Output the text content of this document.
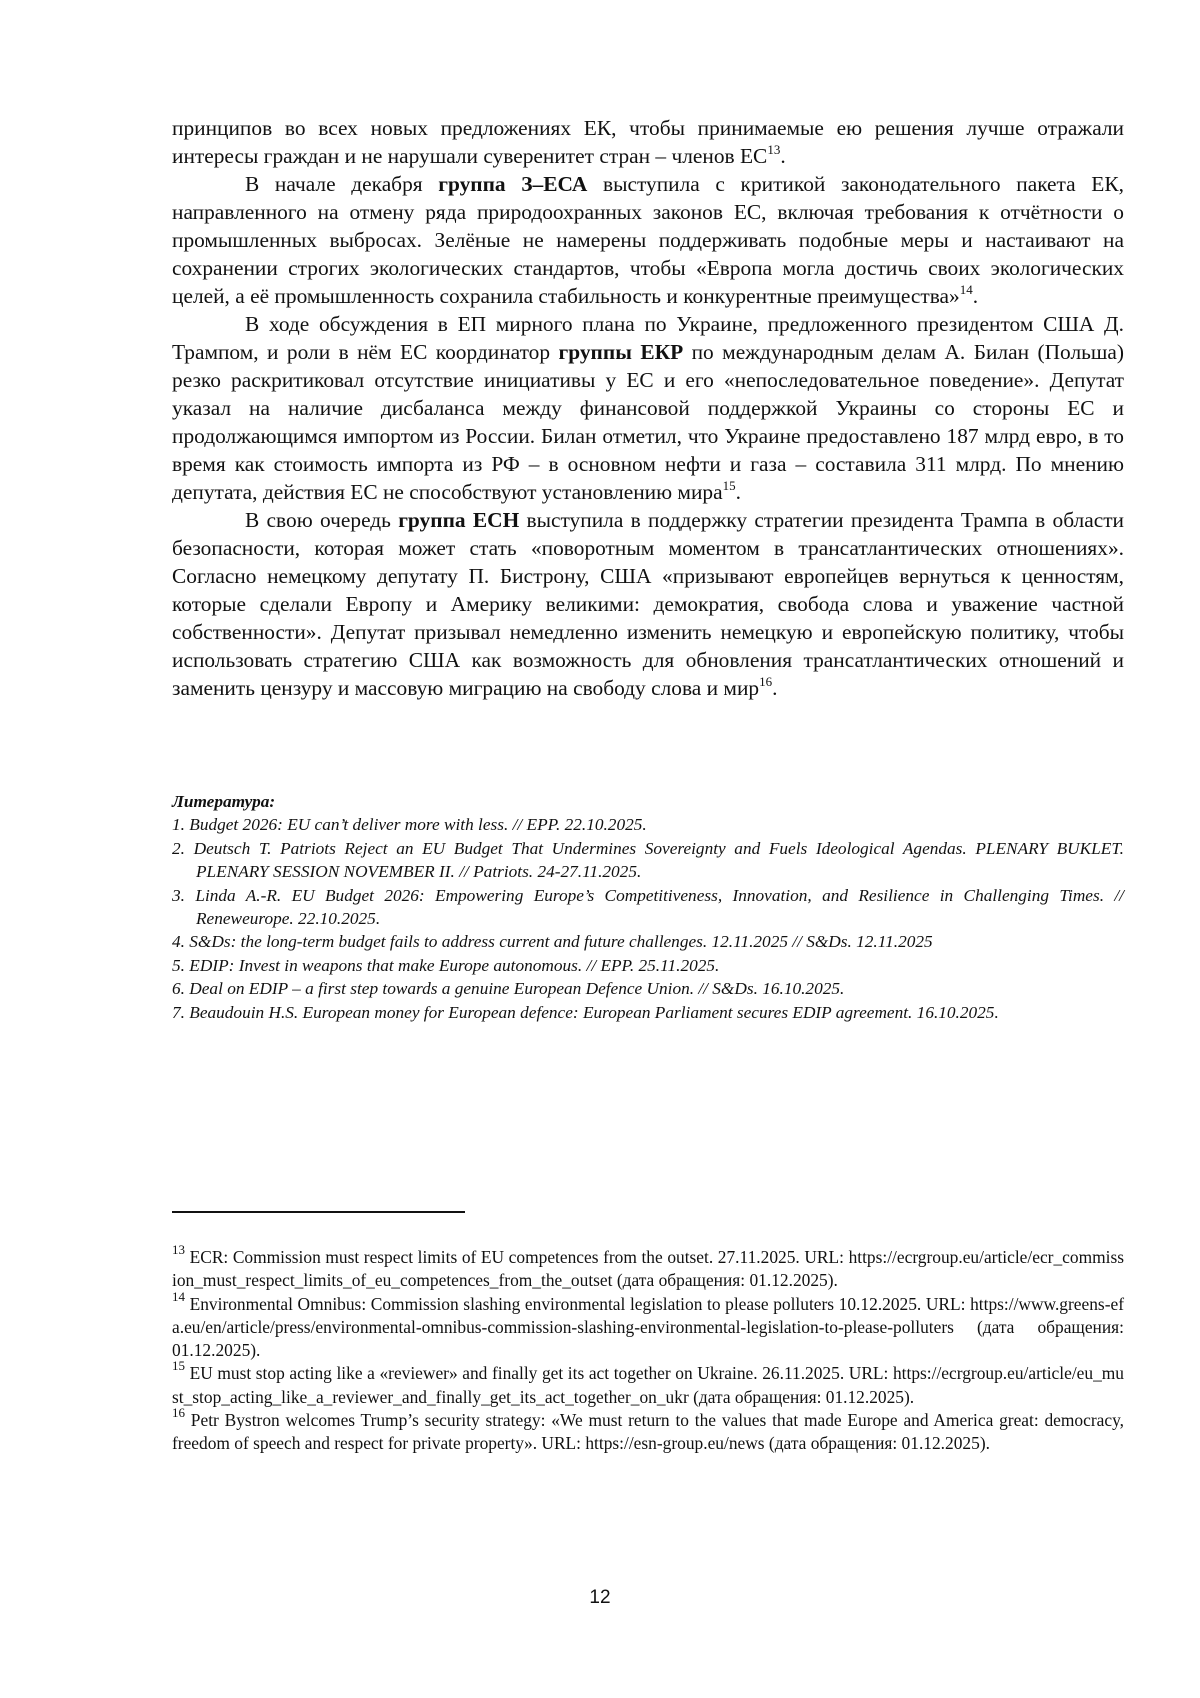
принципов во всех новых предложениях ЕК, чтобы принимаемые ею решения лучше отражали интересы граждан и не нарушали суверенитет стран – членов ЕС$^{13}$.

В начале декабря группа З–ЕСА выступила с критикой законодательного пакета ЕК, направленного на отмену ряда природоохранных законов ЕС, включая требования к отчётности о промышленных выбросах. Зелёные не намерены поддерживать подобные меры и настаивают на сохранении строгих экологических стандартов, чтобы «Европа могла достичь своих экологических целей, а её промышленность сохранила стабильность и конкурентные преимущества»$^{14}$.

В ходе обсуждения в ЕП мирного плана по Украине, предложенного президентом США Д. Трампом, и роли в нём ЕС координатор группы ЕКР по международным делам А. Билан (Польша) резко раскритиковал отсутствие инициативы у ЕС и его «непоследовательное поведение». Депутат указал на наличие дисбаланса между финансовой поддержкой Украины со стороны ЕС и продолжающимся импортом из России. Билан отметил, что Украине предоставлено 187 млрд евро, в то время как стоимость импорта из РФ – в основном нефти и газа – составила 311 млрд. По мнению депутата, действия ЕС не способствуют установлению мира$^{15}$.

В свою очередь группа ЕСН выступила в поддержку стратегии президента Трампа в области безопасности, которая может стать «поворотным моментом в трансатлантических отношениях». Согласно немецкому депутату П. Бистрону, США «призывают европейцев вернуться к ценностям, которые сделали Европу и Америку великими: демократия, свобода слова и уважение частной собственности». Депутат призывал немедленно изменить немецкую и европейскую политику, чтобы использовать стратегию США как возможность для обновления трансатлантических отношений и заменить цензуру и массовую миграцию на свободу слова и мир$^{16}$.

Литература:
1. Budget 2026: EU can’t deliver more with less. // EPP. 22.10.2025.
2. Deutsch T. Patriots Reject an EU Budget That Undermines Sovereignty and Fuels Ideological Agendas. PLENARY BUKLET. PLENARY SESSION NOVEMBER II. // Patriots. 24-27.11.2025.
3. Linda A.-R. EU Budget 2026: Empowering Europe’s Competitiveness, Innovation, and Resilience in Challenging Times. // Reneweurope. 22.10.2025.
4. S&Ds: the long-term budget fails to address current and future challenges. 12.11.2025 // S&Ds. 12.11.2025
5. EDIP: Invest in weapons that make Europe autonomous. // EPP. 25.11.2025.
6. Deal on EDIP – a first step towards a genuine European Defence Union. // S&Ds. 16.10.2025.
7. Beaudouin H.S. European money for European defence: European Parliament secures EDIP agreement. 16.10.2025.

$^{13}$ ECR: Commission must respect limits of EU competences from the outset. 27.11.2025. URL: https://ecrgroup.eu/article/ecr_commission_must_respect_limits_of_eu_competences_from_the_outset (дата обращения: 01.12.2025).

$^{14}$ Environmental Omnibus: Commission slashing environmental legislation to please polluters 10.12.2025. URL: https://www.greens-efa.eu/en/article/press/environmental-omnibus-commission-slashing-environmental-legislation-to-please-polluters (дата обращения: 01.12.2025).

$^{15}$ EU must stop acting like a «reviewer» and finally get its act together on Ukraine. 26.11.2025. URL: https://ecrgroup.eu/article/eu_must_stop_acting_like_a_reviewer_and_finally_get_its_act_together_on_ukr (дата обращения: 01.12.2025).

$^{16}$ Petr Bystron welcomes Trump’s security strategy: «We must return to the values that made Europe and America great: democracy, freedom of speech and respect for private property». URL: https://esn-group.eu/news (дата обращения: 01.12.2025).

12
